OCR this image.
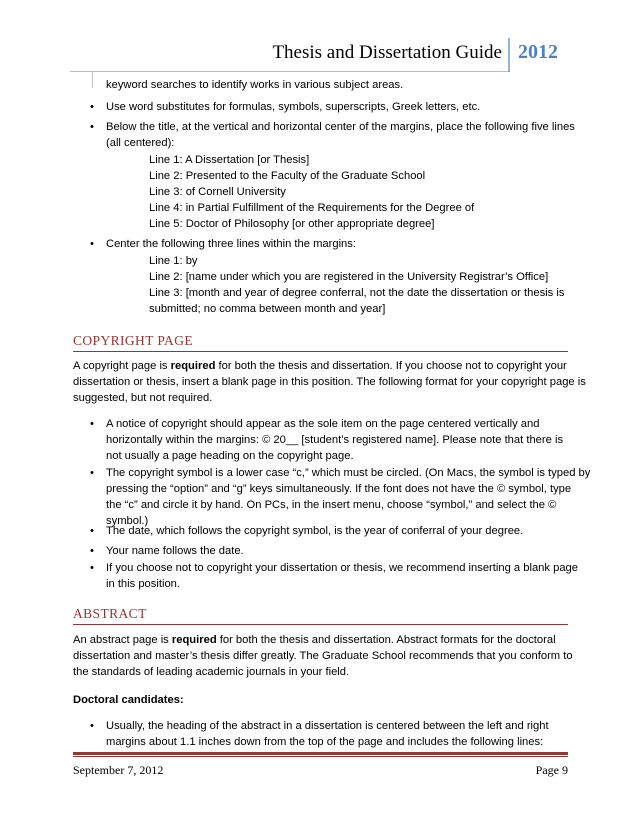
Thesis and Dissertation Guide 2012
keyword searches to identify works in various subject areas.
• Use word substitutes for formulas, symbols, superscripts, Greek letters, etc.
• Below the title, at the vertical and horizontal center of the margins, place the following five lines
(all centered):
Line 1: A Dissertation [or Thesis]
Line 2: Presented to the Faculty of the Graduate School
Line 3: of Cornell University
Line 4: in Partial Fulfillment of the Requirements for the Degree of
Line 5: Doctor of Philosophy [or other appropriate degree]
• Center the following three lines within the margins:
Line 1: by
Line 2: [name under which you are registered in the University Registrar’s Office]
Line 3: [month and year of degree conferral, not the date the dissertation or thesis is
submitted; no comma between month and year]
COPYRIGHT PAGE
A copyright page is required for both the thesis and dissertation. If you choose not to copyright your
dissertation or thesis, insert a blank page in this position. The following format for your copyright page is
suggested, but not required.
• A notice of copyright should appear as the sole item on the page centered vertically and
horizontally within the margins: © 20__ [student’s registered name]. Please note that there is
not usually a page heading on the copyright page.
• The copyright symbol is a lower case “c,” which must be circled. (On Macs, the symbol is typed by
pressing the “option” and “g” keys simultaneously. If the font does not have the © symbol, type
the “c” and circle it by hand. On PCs, in the insert menu, choose “symbol,” and select the ©
symbol.)
• The date, which follows the copyright symbol, is the year of conferral of your degree.
• Your name follows the date.
• If you choose not to copyright your dissertation or thesis, we recommend inserting a blank page
in this position.
ABSTRACT
An abstract page is required for both the thesis and dissertation. Abstract formats for the doctoral
dissertation and master’s thesis differ greatly. The Graduate School recommends that you conform to
the standards of leading academic journals in your field.
Doctoral candidates:
• Usually, the heading of the abstract in a dissertation is centered between the left and right
margins about 1.1 inches down from the top of the page and includes the following lines:
September 7, 2012	Page 9
